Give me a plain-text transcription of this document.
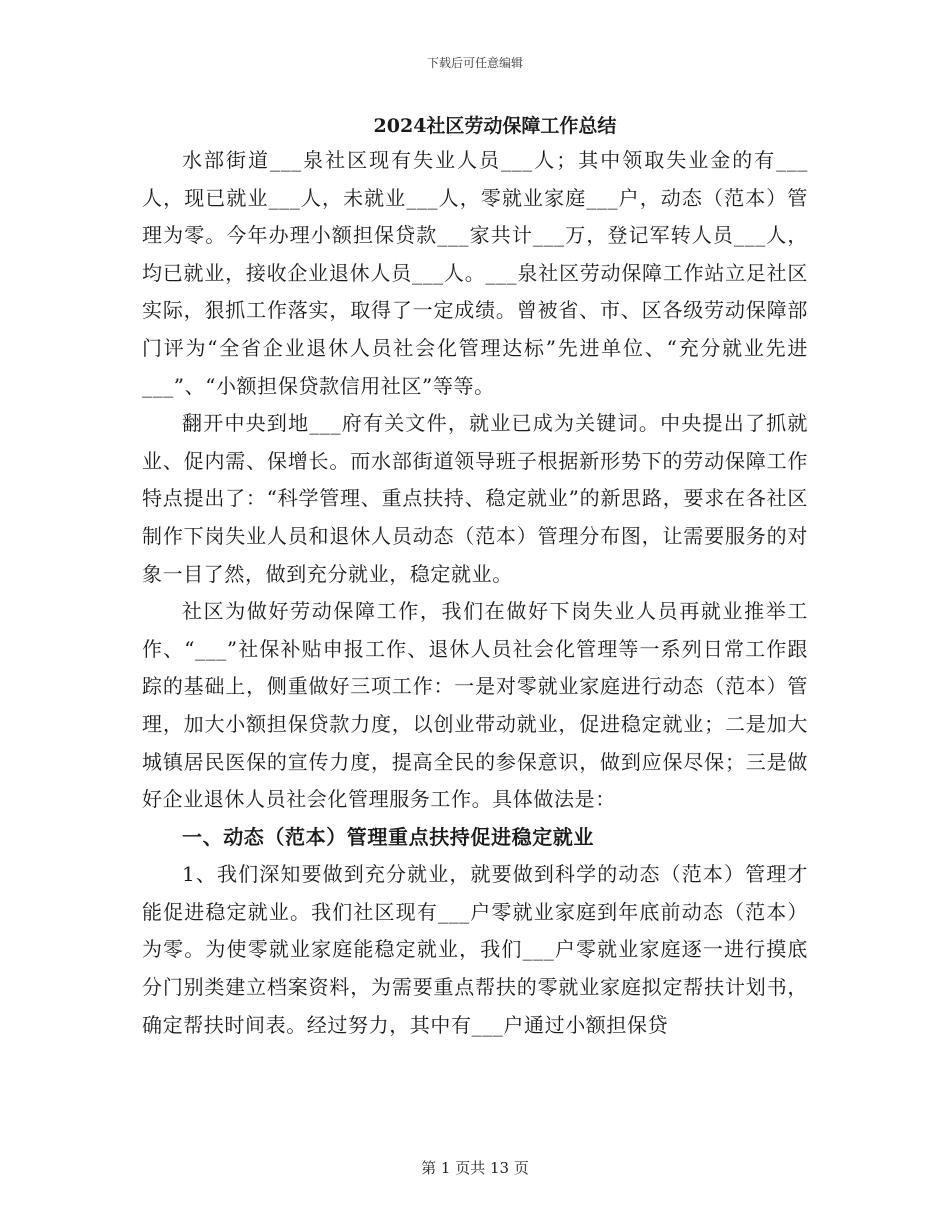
下载后可任意编辑
2024社区劳动保障工作总结

水部街道___泉社区现有失业人员___人；其中领取失业金的有___人，现已就业___人，未就业___人，零就业家庭___户，动态（范本）管理为零。今年办理小额担保贷款___家共计___万，登记军转人员___人，均已就业，接收企业退休人员___人。___泉社区劳动保障工作站立足社区实际，狠抓工作落实，取得了一定成绩。曾被省、市、区各级劳动保障部门评为“全省企业退休人员社会化管理达标”先进单位、“充分就业先进___”、“小额担保贷款信用社区”等等。

翻开中央到地___府有关文件，就业已成为关键词。中央提出了抓就业、促内需、保增长。而水部街道领导班子根据新形势下的劳动保障工作特点提出了：“科学管理、重点扶持、稳定就业”的新思路，要求在各社区制作下岗失业人员和退休人员动态（范本）管理分布图，让需要服务的对象一目了然，做到充分就业，稳定就业。

社区为做好劳动保障工作，我们在做好下岗失业人员再就业推举工作、“___”社保补贴申报工作、退休人员社会化管理等一系列日常工作跟踪的基础上，侧重做好三项工作：一是对零就业家庭进行动态（范本）管理，加大小额担保贷款力度，以创业带动就业，促进稳定就业；二是加大城镇居民医保的宣传力度，提高全民的参保意识，做到应保尽保；三是做好企业退休人员社会化管理服务工作。具体做法是：

一、动态（范本）管理重点扶持促进稳定就业

1、我们深知要做到充分就业，就要做到科学的动态（范本）管理才能促进稳定就业。我们社区现有___户零就业家庭到年底前动态（范本）为零。为使零就业家庭能稳定就业，我们___户零就业家庭逐一进行摸底分门别类建立档案资料，为需要重点帮扶的零就业家庭拟定帮扶计划书，确定帮扶时间表。经过努力，其中有___户通过小额担保贷

第 1 页共 13 页
